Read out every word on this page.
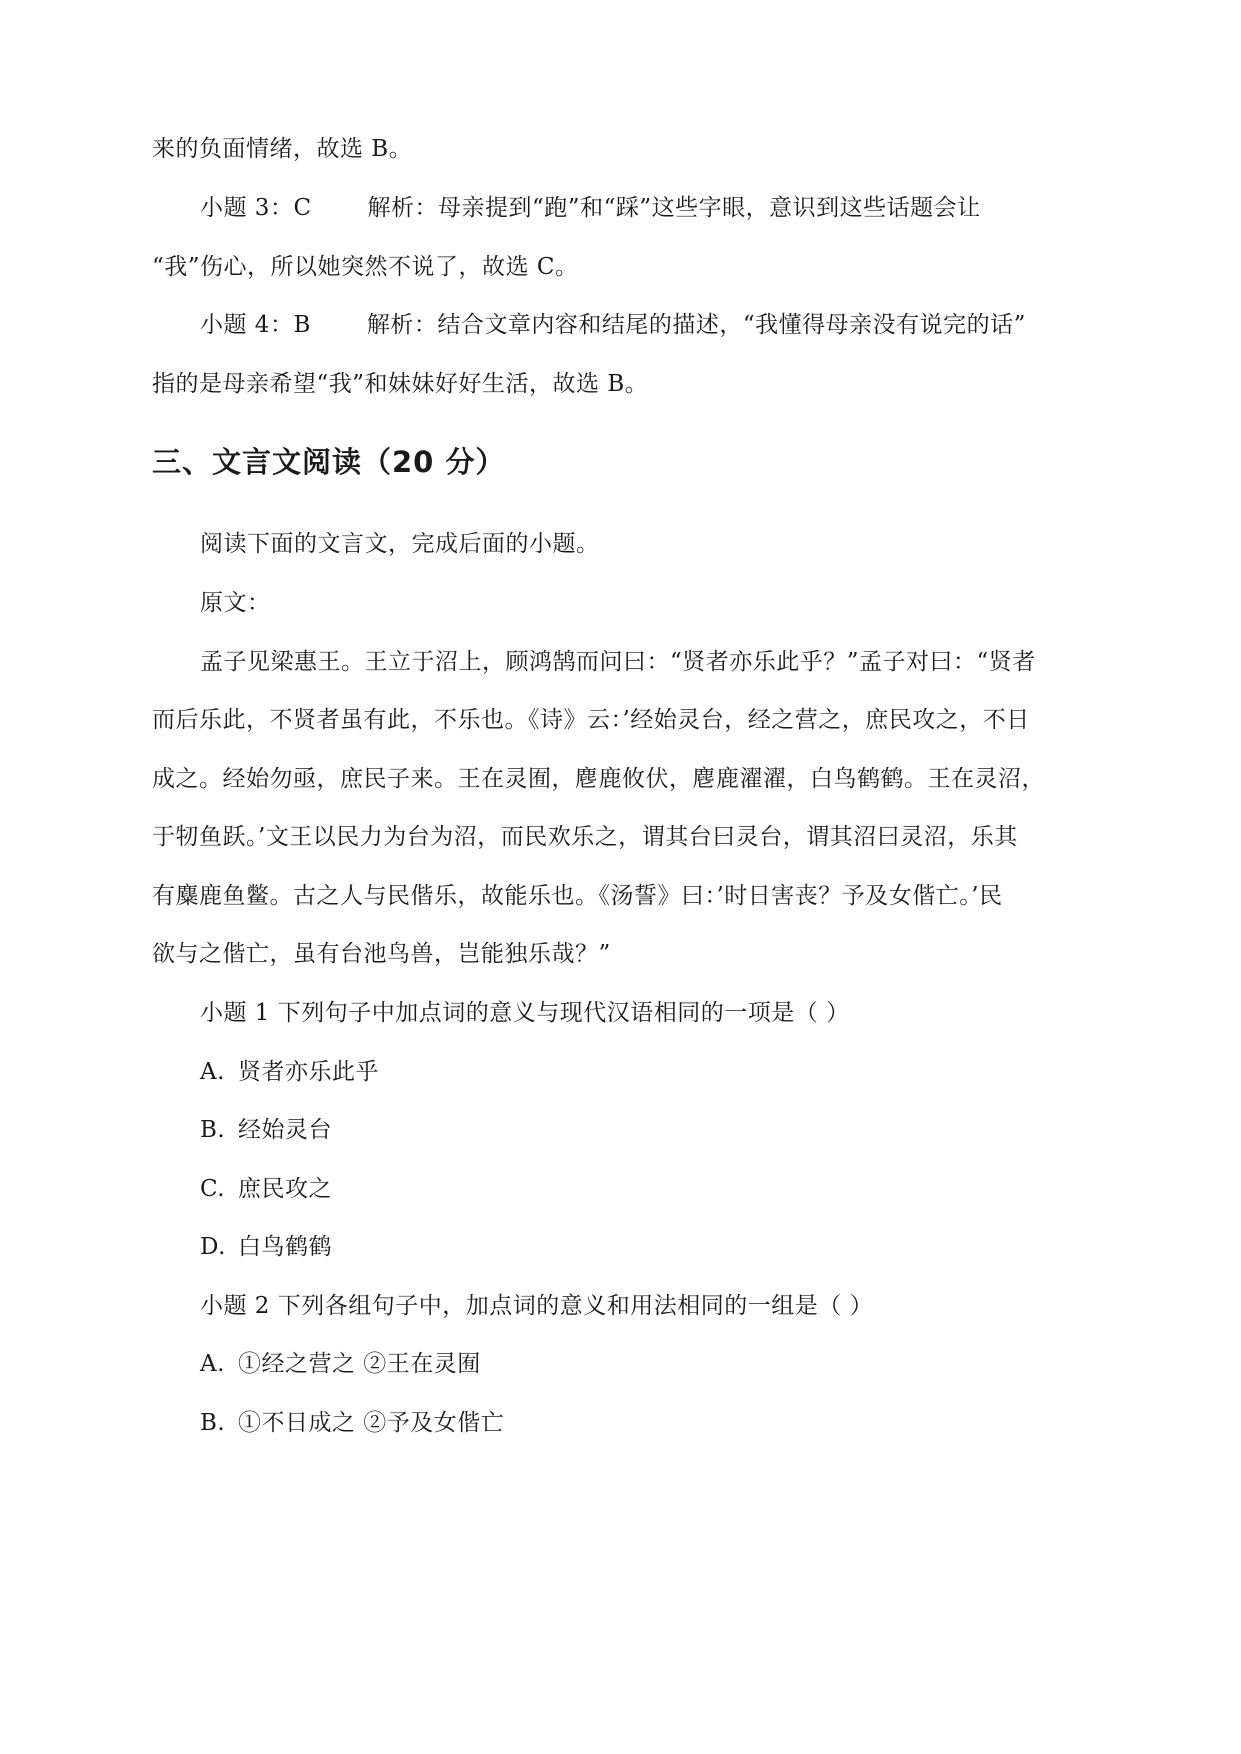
来的负面情绪，故选 B。
小题 3：C 解析：母亲提到“跑”和“踩”这些字眼，意识到这些话题会让
“我”伤心，所以她突然不说了，故选 C。
小题 4：B 解析：结合文章内容和结尾的描述，“我懂得母亲没有说完的话”
指的是母亲希望“我”和妹妹好好生活，故选 B。
三、文言文阅读（20 分）
阅读下面的文言文，完成后面的小题。
原文：
孟子见梁惠王。王立于沼上，顾鸿鹄而问曰：“贤者亦乐此乎？”孟子对曰：“贤者
而后乐此，不贤者虽有此，不乐也。《诗》云：’经始灵台，经之营之，庶民攻之，不日
成之。经始勿亟，庶民子来。王在灵囿，麀鹿攸伏，麀鹿濯濯，白鸟鹤鹤。王在灵沼，
于牣鱼跃。’文王以民力为台为沼，而民欢乐之，谓其台曰灵台，谓其沼曰灵沼，乐其
有麋鹿鱼鳖。古之人与民偕乐，故能乐也。《汤誓》曰：’时日害丧？予及女偕亡。’民
欲与之偕亡，虽有台池鸟兽，岂能独乐哉？”
小题 1 下列句子中加点词的意义与现代汉语相同的一项是（ ）
A. 贤者亦乐此乎
B. 经始灵台
C. 庶民攻之
D. 白鸟鹤鹤
小题 2 下列各组句子中，加点词的意义和用法相同的一组是（ ）
A. ①经之营之 ②王在灵囿
B. ①不日成之 ②予及女偕亡
